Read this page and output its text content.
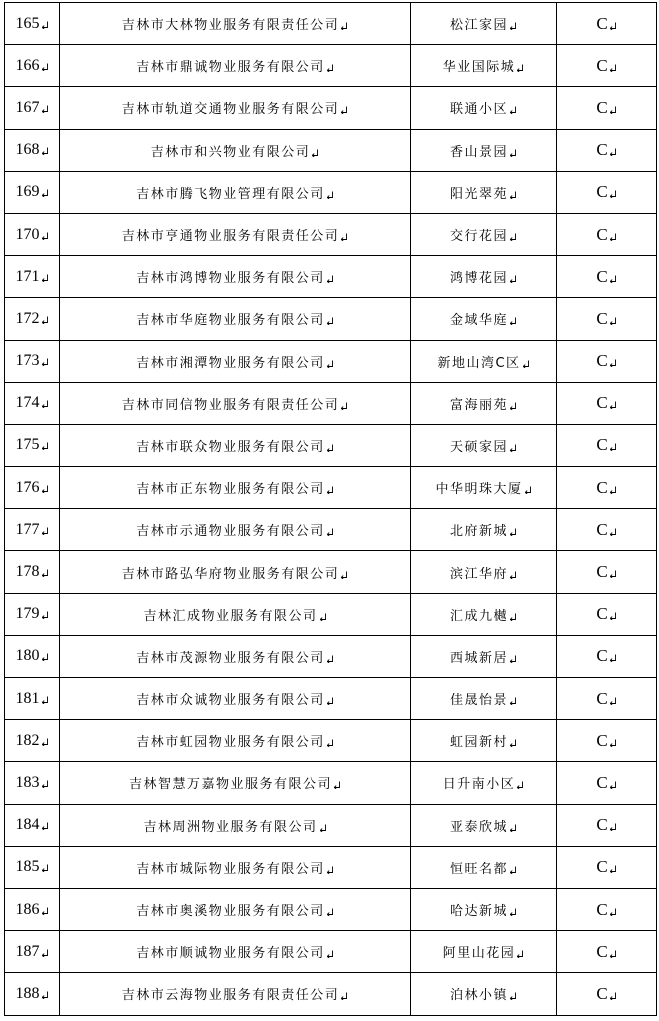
165	吉林市大林物业服务有限责任公司	松江家园	C

166	吉林市鼎诚物业服务有限公司	华业国际城	C

167	吉林市轨道交通物业服务有限公司	联通小区	C

168	吉林市和兴物业有限公司	香山景园	C

169	吉林市腾飞物业管理有限公司	阳光翠苑	C

170	吉林市亨通物业服务有限责任公司	交行花园	C

171	吉林市鸿博物业服务有限公司	鸿博花园	C

172	吉林市华庭物业服务有限公司	金域华庭	C

173	吉林市湘潭物业服务有限公司	新地山湾C区	C

174	吉林市同信物业服务有限责任公司	富海丽苑	C

175	吉林市联众物业服务有限公司	天硕家园	C

176	吉林市正东物业服务有限公司	中华明珠大厦	C

177	吉林市示通物业服务有限公司	北府新城	C

178	吉林市路弘华府物业服务有限公司	滨江华府	C

179	吉林汇成物业服务有限公司	汇成九樾	C

180	吉林市茂源物业服务有限公司	西城新居	C

181	吉林市众诚物业服务有限公司	佳晟怡景	C

182	吉林市虹园物业服务有限公司	虹园新村	C

183	吉林智慧万嘉物业服务有限公司	日升南小区	C

184	吉林周洲物业服务有限公司	亚泰欣城	C

185	吉林市城际物业服务有限公司	恒旺名都	C

186	吉林市奥溪物业服务有限公司	哈达新城	C

187	吉林市顺诚物业服务有限公司	阿里山花园	C

188	吉林市云海物业服务有限责任公司	泊林小镇	C
